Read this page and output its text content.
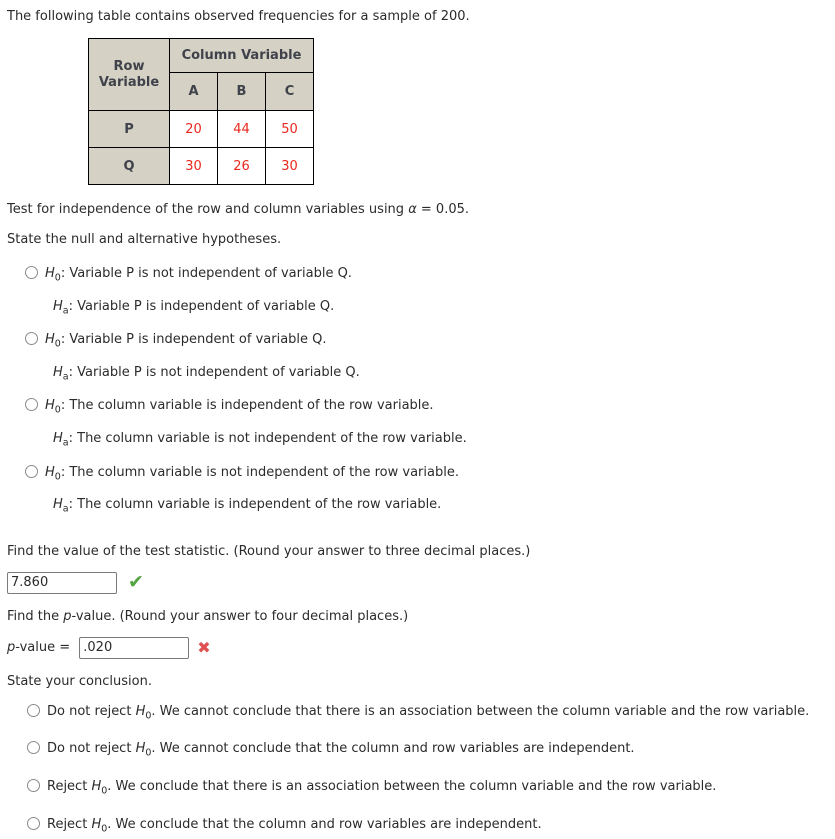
The following table contains observed frequencies for a sample of 200.

Row Variable	Column Variable		
	A	B	C
P	20	44	50
Q	30	26	30

Test for independence of the row and column variables using α = 0.05.

State the null and alternative hypotheses.

$H_0$: Variable P is not independent of variable Q.
$H_a$: Variable P is independent of variable Q.
$H_0$: Variable P is independent of variable Q.
$H_a$: Variable P is not independent of variable Q.
$H_0$: The column variable is independent of the row variable.
$H_a$: The column variable is not independent of the row variable.
$H_0$: The column variable is not independent of the row variable.
$H_a$: The column variable is independent of the row variable.

Find the value of the test statistic. (Round your answer to three decimal places.)

7.860
✔

Find the p-value. (Round your answer to four decimal places.)

p-value =
.020	✖

State your conclusion.

Do not reject $H_0$. We cannot conclude that there is an association between the column variable and the row variable.
Do not reject $H_0$. We cannot conclude that the column and row variables are independent.
Reject $H_0$. We conclude that there is an association between the column variable and the row variable.
Reject $H_0$. We conclude that the column and row variables are independent.
